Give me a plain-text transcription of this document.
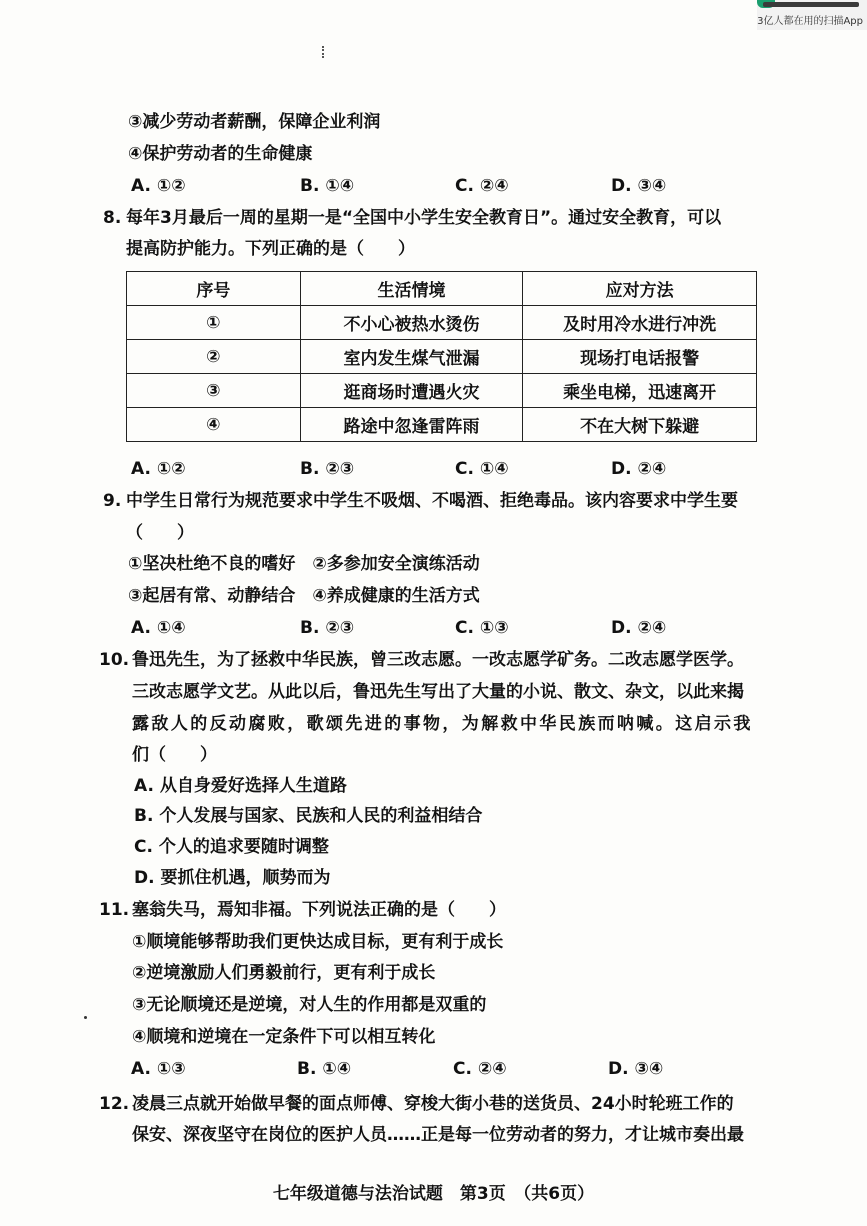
3亿人都在用的扫描App
③减少劳动者薪酬，保障企业利润
④保护劳动者的生命健康
A. ①②	B. ①④	C. ②④	D. ③④
8. 每年3月最后一周的星期一是“全国中小学生安全教育日”。通过安全教育，可以
提高防护能力。下列正确的是（　　）
序号	生活情境	应对方法
①	不小心被热水烫伤	及时用冷水进行冲洗
②	室内发生煤气泄漏	现场打电话报警
③	逛商场时遭遇火灾	乘坐电梯，迅速离开
④	路途中忽逢雷阵雨	不在大树下躲避
A. ①②	B. ②③	C. ①④	D. ②④
9. 中学生日常行为规范要求中学生不吸烟、不喝酒、拒绝毒品。该内容要求中学生要
（　　）
①坚决杜绝不良的嗜好　②多参加安全演练活动
③起居有常、动静结合　④养成健康的生活方式
A. ①④	B. ②③	C. ①③	D. ②④
10. 鲁迅先生，为了拯救中华民族，曾三改志愿。一改志愿学矿务。二改志愿学医学。
三改志愿学文艺。从此以后，鲁迅先生写出了大量的小说、散文、杂文，以此来揭
露敌人的反动腐败，歌颂先进的事物，为解救中华民族而呐喊。这启示我
们（　　）
A. 从自身爱好选择人生道路
B. 个人发展与国家、民族和人民的利益相结合
C. 个人的追求要随时调整
D. 要抓住机遇，顺势而为
11. 塞翁失马，焉知非福。下列说法正确的是（　　）
①顺境能够帮助我们更快达成目标，更有利于成长
②逆境激励人们勇毅前行，更有利于成长
③无论顺境还是逆境，对人生的作用都是双重的
④顺境和逆境在一定条件下可以相互转化
A. ①③	B. ①④	C. ②④	D. ③④
12. 凌晨三点就开始做早餐的面点师傅、穿梭大街小巷的送货员、24小时轮班工作的
保安、深夜坚守在岗位的医护人员……正是每一位劳动者的努力，才让城市奏出最
七年级道德与法治试题　第3页　（共6页）
